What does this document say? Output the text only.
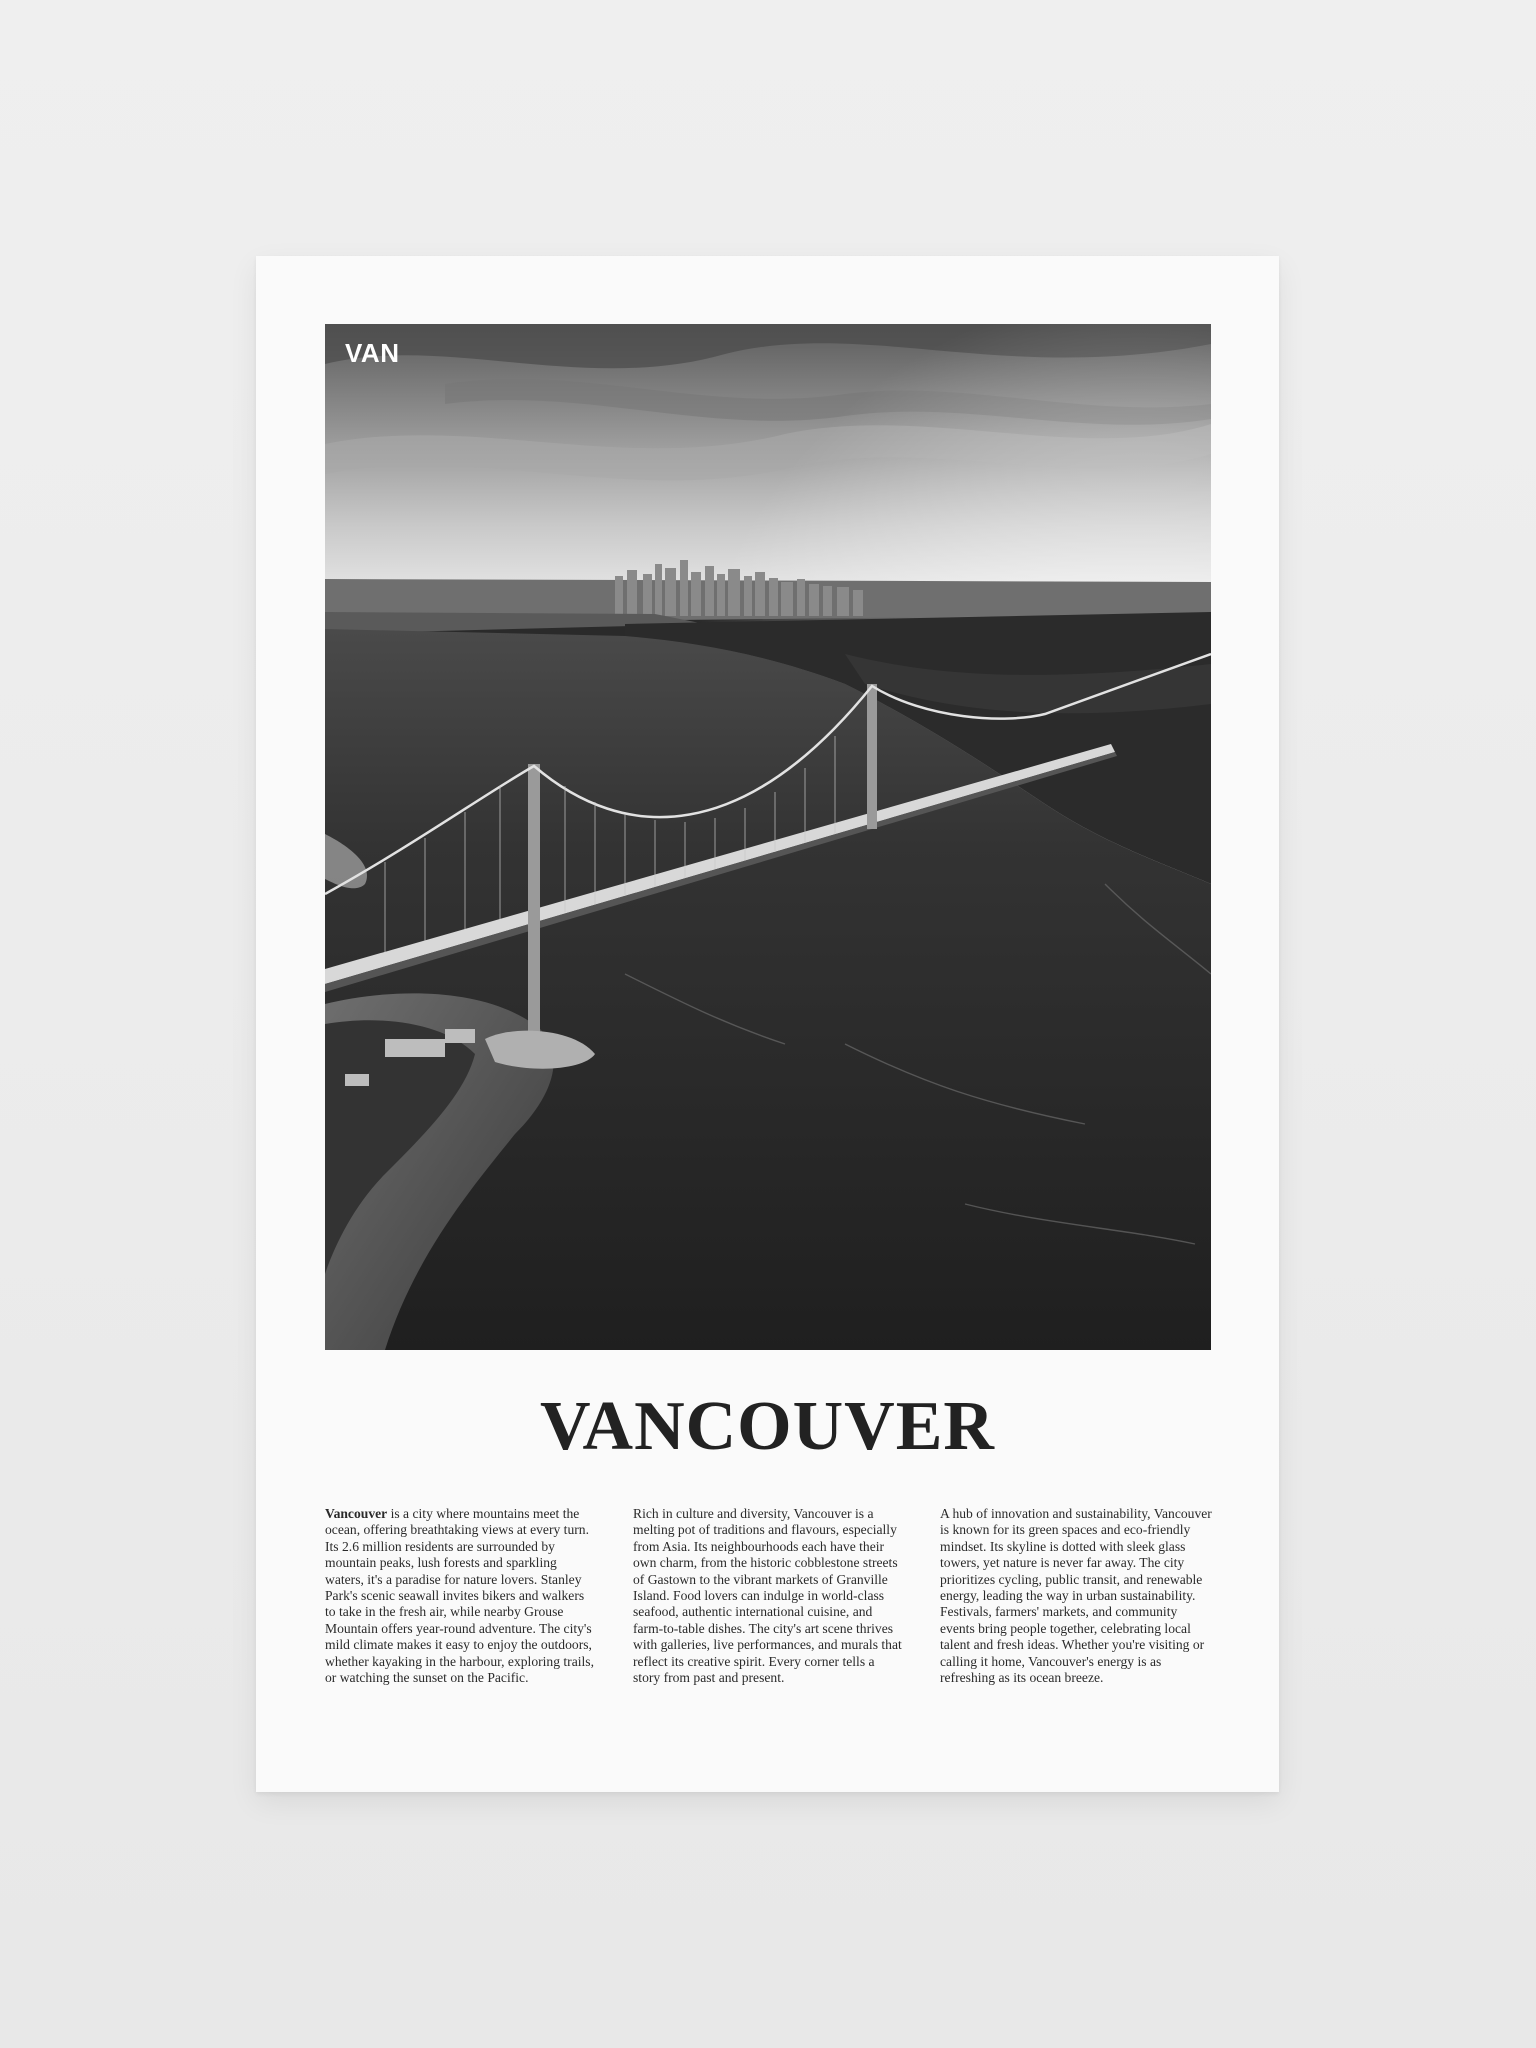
VAN
VANCOUVER

Vancouver is a city where mountains meet the ocean, offering breathtaking views at every turn. Its 2.6 million residents are surrounded by mountain peaks, lush forests and sparkling waters, it's a paradise for nature lovers. Stanley Park's scenic seawall invites bikers and walkers to take in the fresh air, while nearby Grouse Mountain offers year-round adventure. The city's mild climate makes it easy to enjoy the outdoors, whether kayaking in the harbour, exploring trails, or watching the sunset on the Pacific.

Rich in culture and diversity, Vancouver is a melting pot of traditions and flavours, especially from Asia. Its neighbourhoods each have their own charm, from the historic cobblestone streets of Gastown to the vibrant markets of Granville Island. Food lovers can indulge in world-class seafood, authentic international cuisine, and farm-to-table dishes. The city's art scene thrives with galleries, live performances, and murals that reflect its creative spirit. Every corner tells a story from past and present.

A hub of innovation and sustainability, Vancouver is known for its green spaces and eco-friendly mindset. Its skyline is dotted with sleek glass towers, yet nature is never far away. The city prioritizes cycling, public transit, and renewable energy, leading the way in urban sustainability. Festivals, farmers' markets, and community events bring people together, celebrating local talent and fresh ideas. Whether you're visiting or calling it home, Vancouver's energy is as refreshing as its ocean breeze.
